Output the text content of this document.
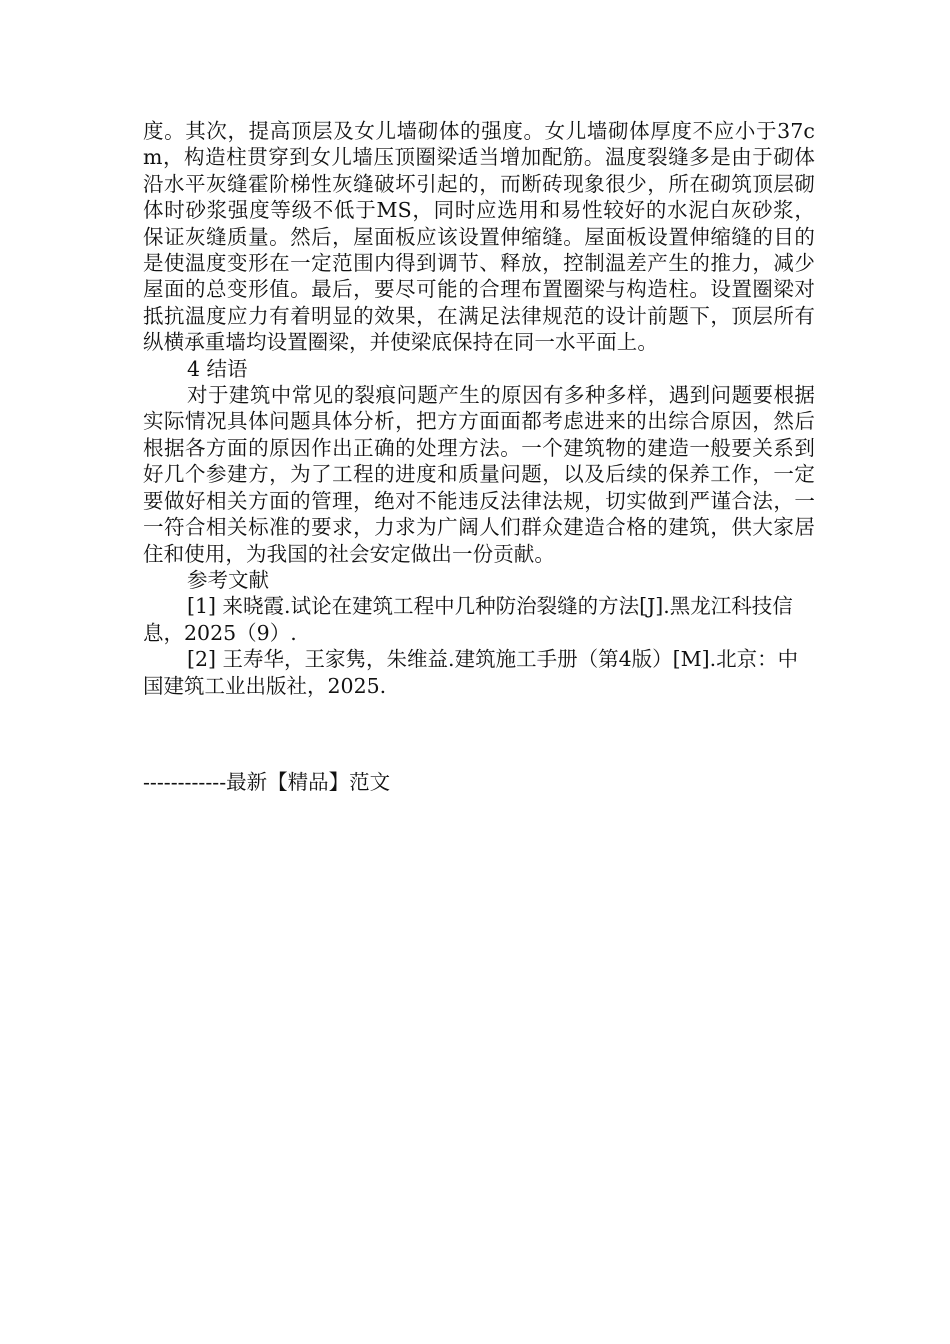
度。其次，提高顶层及女儿墙砌体的强度。女儿墙砌体厚度不应小于37cm，构造柱贯穿到女儿墙压顶圈梁适当增加配筋。温度裂缝多是由于砌体沿水平灰缝霍阶梯性灰缝破坏引起的，而断砖现象很少，所在砌筑顶层砌体时砂浆强度等级不低于MS，同时应选用和易性较好的水泥白灰砂浆，保证灰缝质量。然后，屋面板应该设置伸缩缝。屋面板设置伸缩缝的目的是使温度变形在一定范围内得到调节、释放，控制温差产生的推力，减少屋面的总变形值。最后，要尽可能的合理布置圈梁与构造柱。设置圈梁对抵抗温度应力有着明显的效果，在满足法律规范的设计前题下，顶层所有纵横承重墙均设置圈梁，并使梁底保持在同一水平面上。

4 结语

对于建筑中常见的裂痕问题产生的原因有多种多样，遇到问题要根据实际情况具体问题具体分析，把方方面面都考虑进来的出综合原因，然后根据各方面的原因作出正确的处理方法。一个建筑物的建造一般要关系到好几个参建方，为了工程的进度和质量问题，以及后续的保养工作，一定要做好相关方面的管理，绝对不能违反法律法规，切实做到严谨合法，一一符合相关标准的要求，力求为广阔人们群众建造合格的建筑，供大家居住和使用，为我国的社会安定做出一份贡献。

参考文献

[1] 来晓霞.试论在建筑工程中几种防治裂缝的方法[J].黑龙江科技信息，2025（9）.

[2] 王寿华，王家隽，朱维益.建筑施工手册（第4版）[M].北京：中国建筑工业出版社，2025.

------------最新【精品】范文
